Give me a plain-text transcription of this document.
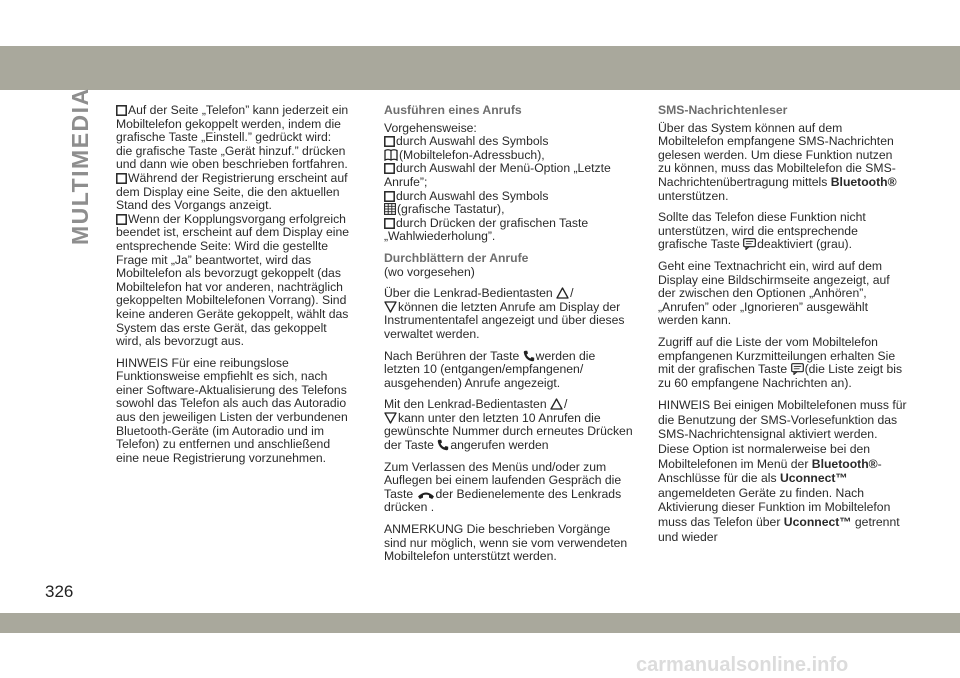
MULTIMEDIA	Auf der Seite „Telefon” kann jederzeit ein Mobiltelefon gekoppelt werden, indem die grafische Taste „Einstell.” gedrückt wird: die grafische Taste „Gerät hinzuf.” drücken und dann wie oben beschrieben fortfahren.

Während der Registrierung erscheint auf dem Display eine Seite, die den aktuellen Stand des Vorgangs anzeigt.

Wenn der Kopplungsvorgang erfolgreich beendet ist, erscheint auf dem Display eine entsprechende Seite: Wird die gestellte Frage mit „Ja” beantwortet, wird das Mobiltelefon als bevorzugt gekoppelt (das Mobiltelefon hat vor anderen, nachträglich gekoppelten Mobiltelefonen Vorrang). Sind keine anderen Geräte gekoppelt, wählt das System das erste Gerät, das gekoppelt wird, als bevorzugt aus.

HINWEIS Für eine reibungslose Funktionsweise empfiehlt es sich, nach einer Software-Aktualisierung des Telefons sowohl das Telefon als auch das Autoradio aus den jeweiligen Listen der verbundenen Bluetooth-Geräte (im Autoradio und im Telefon) zu entfernen und anschließend eine neue Registrierung vorzunehmen.

Ausführen eines Anrufs

Vorgehensweise:

durch Auswahl des Symbols

(Mobiltelefon-Adressbuch),

durch Auswahl der Menü-Option „Letzte Anrufe”;

durch Auswahl des Symbols

(grafische Tastatur),

durch Drücken der grafischen Taste „Wahlwiederholung”.

Durchblättern der Anrufe

(wo vorgesehen)

Über die Lenkrad-Bedientasten /

können die letzten Anrufe am Display der Instrumententafel angezeigt und über dieses verwaltet werden.

Nach Berühren der Taste werden die letzten 10 (entgangen/empfangenen/ ausgehenden) Anrufe angezeigt.

Mit den Lenkrad-Bedientasten /

kann unter den letzten 10 Anrufen die gewünschte Nummer durch erneutes Drücken der Taste angerufen werden

Zum Verlassen des Menüs und/oder zum Auflegen bei einem laufenden Gespräch die Taste der Bedienelemente des Lenkrads drücken .

ANMERKUNG Die beschrieben Vorgänge sind nur möglich, wenn sie vom verwendeten Mobiltelefon unterstützt werden.

SMS-Nachrichtenleser

Über das System können auf dem Mobiltelefon empfangene SMS-Nachrichten gelesen werden. Um diese Funktion nutzen zu können, muss das Mobiltelefon die SMS-Nachrichtenübertragung mittels Bluetooth® unterstützen.

Sollte das Telefon diese Funktion nicht unterstützen, wird die entsprechende grafische Taste deaktiviert (grau).

Geht eine Textnachricht ein, wird auf dem Display eine Bildschirmseite angezeigt, auf der zwischen den Optionen „Anhören”, „Anrufen” oder „Ignorieren” ausgewählt werden kann.

Zugriff auf die Liste der vom Mobiltelefon empfangenen Kurzmitteilungen erhalten Sie mit der grafischen Taste (die Liste zeigt bis zu 60 empfangene Nachrichten an).

HINWEIS Bei einigen Mobiltelefonen muss für die Benutzung der SMS-Vorlesefunktion das SMS-Nachrichtensignal aktiviert werden. Diese Option ist normalerweise bei den Mobiltelefonen im Menü der Bluetooth®-Anschlüsse für die als Uconnect™ angemeldeten Geräte zu finden. Nach Aktivierung dieser Funktion im Mobiltelefon muss das Telefon über Uconnect™ getrennt und wieder

326
carmanualsonline.info
